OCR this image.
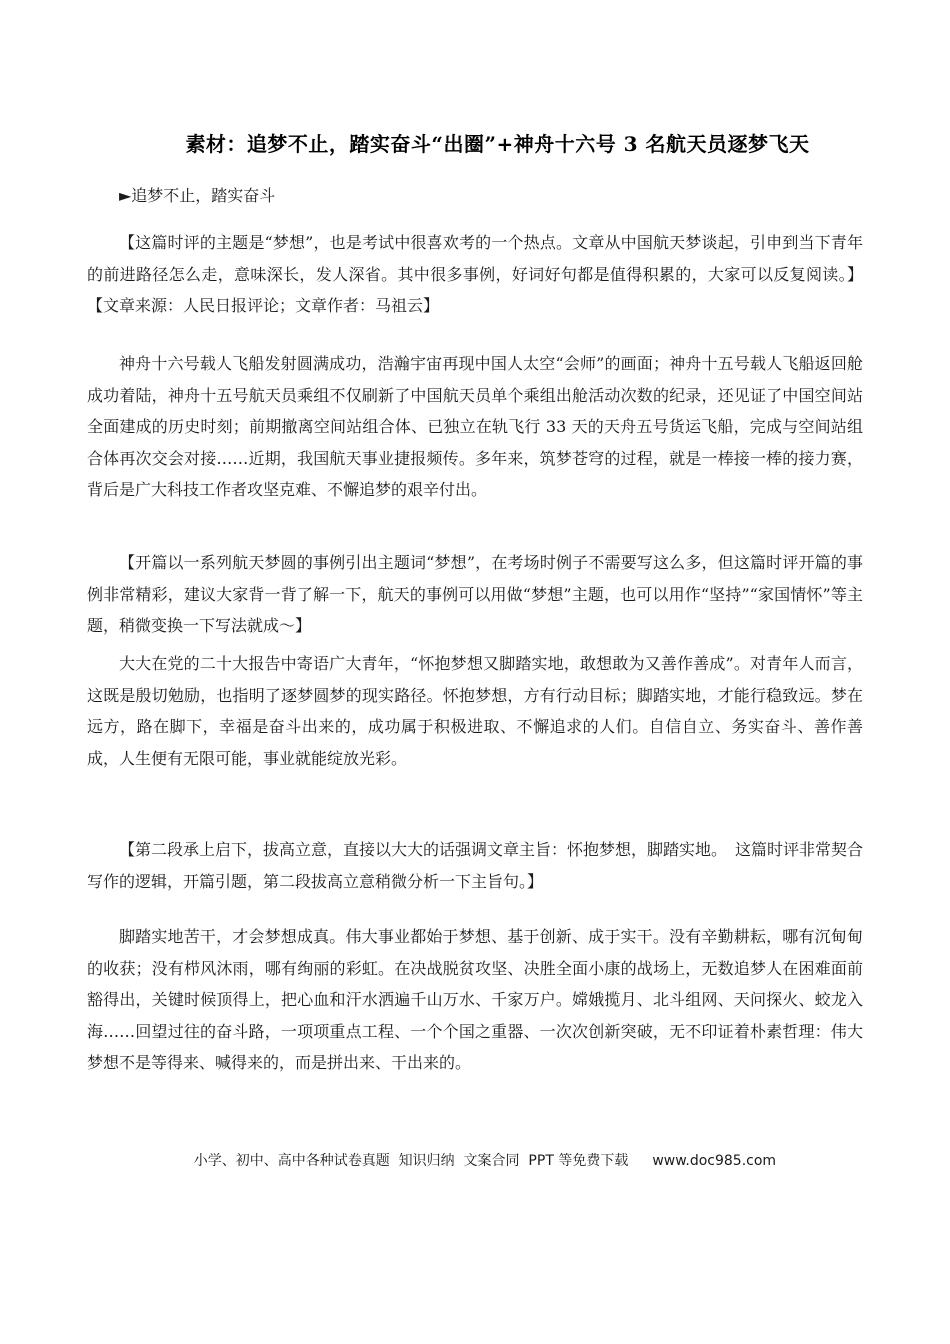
素材：追梦不止，踏实奋斗“出圈”+神舟十六号 3 名航天员逐梦飞天
►追梦不止，踏实奋斗

【这篇时评的主题是“梦想”，也是考试中很喜欢考的一个热点。文章从中国航天梦谈起，引申到当下青年的前进路径怎么走，意味深长，发人深省。其中很多事例，好词好句都是值得积累的，大家可以反复阅读。】【文章来源：人民日报评论；文章作者：马祖云】

神舟十六号载人飞船发射圆满成功，浩瀚宇宙再现中国人太空“会师”的画面；神舟十五号载人飞船返回舱成功着陆，神舟十五号航天员乘组不仅刷新了中国航天员单个乘组出舱活动次数的纪录，还见证了中国空间站全面建成的历史时刻；前期撤离空间站组合体、已独立在轨飞行 33 天的天舟五号货运飞船，完成与空间站组合体再次交会对接……近期，我国航天事业捷报频传。多年来，筑梦苍穹的过程，就是一棒接一棒的接力赛，背后是广大科技工作者攻坚克难、不懈追梦的艰辛付出。

【开篇以一系列航天梦圆的事例引出主题词“梦想”，在考场时例子不需要写这么多，但这篇时评开篇的事例非常精彩，建议大家背一背了解一下，航天的事例可以用做“梦想”主题，也可以用作“坚持”“家国情怀”等主题，稍微变换一下写法就成～】

大大在党的二十大报告中寄语广大青年，“怀抱梦想又脚踏实地，敢想敢为又善作善成”。对青年人而言，这既是殷切勉励，也指明了逐梦圆梦的现实路径。怀抱梦想，方有行动目标；脚踏实地，才能行稳致远。梦在远方，路在脚下，幸福是奋斗出来的，成功属于积极进取、不懈追求的人们。自信自立、务实奋斗、善作善成，人生便有无限可能，事业就能绽放光彩。

【第二段承上启下，拔高立意，直接以大大的话强调文章主旨：怀抱梦想，脚踏实地。　这篇时评非常契合写作的逻辑，开篇引题，第二段拔高立意稍微分析一下主旨句。】

脚踏实地苦干，才会梦想成真。伟大事业都始于梦想、基于创新、成于实干。没有辛勤耕耘，哪有沉甸甸的收获；没有栉风沐雨，哪有绚丽的彩虹。在决战脱贫攻坚、决胜全面小康的战场上，无数追梦人在困难面前豁得出，关键时候顶得上，把心血和汗水洒遍千山万水、千家万户。嫦娥揽月、北斗组网、天问探火、蛟龙入海……回望过往的奋斗路，一项项重点工程、一个个国之重器、一次次创新突破，无不印证着朴素哲理：伟大梦想不是等得来、喊得来的，而是拼出来、干出来的。

小学、初中、高中各种试卷真题  知识归纳  文案合同  PPT 等免费下载 www.doc985.com
